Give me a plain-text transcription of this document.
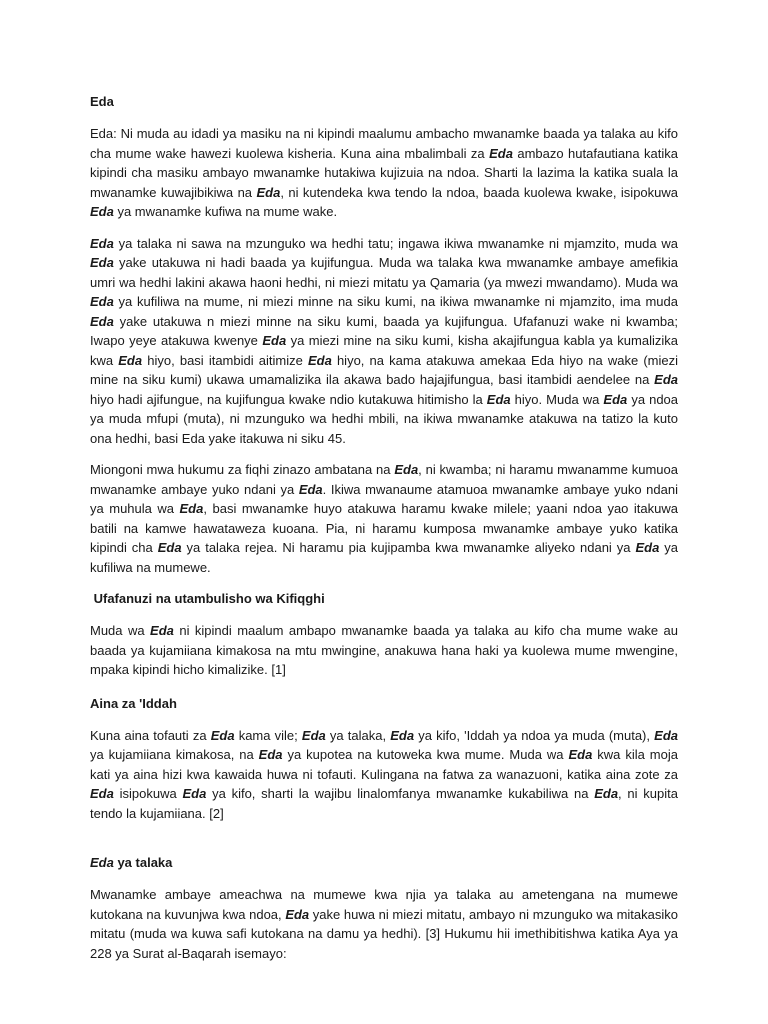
Eda

Eda: Ni muda au idadi ya masiku na ni kipindi maalumu ambacho mwanamke baada ya talaka au kifo cha mume wake hawezi kuolewa kisheria. Kuna aina mbalimbali za Eda ambazo hutafautiana katika kipindi cha masiku ambayo mwanamke hutakiwa kujizuia na ndoa. Sharti la lazima la katika suala la mwanamke kuwajibikiwa na Eda, ni kutendeka kwa tendo la ndoa, baada kuolewa kwake, isipokuwa Eda ya mwanamke kufiwa na mume wake.

Eda ya talaka ni sawa na mzunguko wa hedhi tatu; ingawa ikiwa mwanamke ni mjamzito, muda wa Eda yake utakuwa ni hadi baada ya kujifungua. Muda wa talaka kwa mwanamke ambaye amefikia umri wa hedhi lakini akawa haoni hedhi, ni miezi mitatu ya Qamaria (ya mwezi mwandamo). Muda wa Eda ya kufiliwa na mume, ni miezi minne na siku kumi, na ikiwa mwanamke ni mjamzito, ima muda Eda yake utakuwa n miezi minne na siku kumi, baada ya kujifungua. Ufafanuzi wake ni kwamba; Iwapo yeye atakuwa kwenye Eda ya miezi mine na siku kumi, kisha akajifungua kabla ya kumalizika kwa Eda hiyo, basi itambidi aitimize Eda hiyo, na kama atakuwa amekaa Eda hiyo na wake (miezi mine na siku kumi) ukawa umamalizika ila akawa bado hajajifungua, basi itambidi aendelee na Eda hiyo hadi ajifungue, na kujifungua kwake ndio kutakuwa hitimisho la Eda hiyo. Muda wa Eda ya ndoa ya muda mfupi (muta), ni mzunguko wa hedhi mbili, na ikiwa mwanamke atakuwa na tatizo la kuto ona hedhi, basi Eda yake itakuwa ni siku 45.

Miongoni mwa hukumu za fiqhi zinazo ambatana na Eda, ni kwamba; ni haramu mwanamme kumuoa mwanamke ambaye yuko ndani ya Eda. Ikiwa mwanaume atamuoa mwanamke ambaye yuko ndani ya muhula wa Eda, basi mwanamke huyo atakuwa haramu kwake milele; yaani ndoa yao itakuwa batili na kamwe hawataweza kuoana. Pia, ni haramu kumposa mwanamke ambaye yuko katika kipindi cha Eda ya talaka rejea. Ni haramu pia kujipamba kwa mwanamke aliyeko ndani ya Eda ya kufiliwa na mumewe.

Ufafanuzi na utambulisho wa Kifiqghi

Muda wa Eda ni kipindi maalum ambapo mwanamke baada ya talaka au kifo cha mume wake au baada ya kujamiiana kimakosa na mtu mwingine, anakuwa hana haki ya kuolewa mume mwengine, mpaka kipindi hicho kimalizike. [1]

Aina za 'Iddah

Kuna aina tofauti za Eda kama vile; Eda ya talaka, Eda ya kifo, 'Iddah ya ndoa ya muda (muta), Eda ya kujamiiana kimakosa, na Eda ya kupotea na kutoweka kwa mume. Muda wa Eda kwa kila moja kati ya aina hizi kwa kawaida huwa ni tofauti. Kulingana na fatwa za wanazuoni, katika aina zote za Eda isipokuwa Eda ya kifo, sharti la wajibu linalomfanya mwanamke kukabiliwa na Eda, ni kupita tendo la kujamiiana. [2]

Eda ya talaka

Mwanamke ambaye ameachwa na mumewe kwa njia ya talaka au ametengana na mumewe kutokana na kuvunjwa kwa ndoa, Eda yake huwa ni miezi mitatu, ambayo ni mzunguko wa mitakasiko mitatu (muda wa kuwa safi kutokana na damu ya hedhi). [3] Hukumu hii imethibitishwa katika Aya ya 228 ya Surat al-Baqarah isemayo:
